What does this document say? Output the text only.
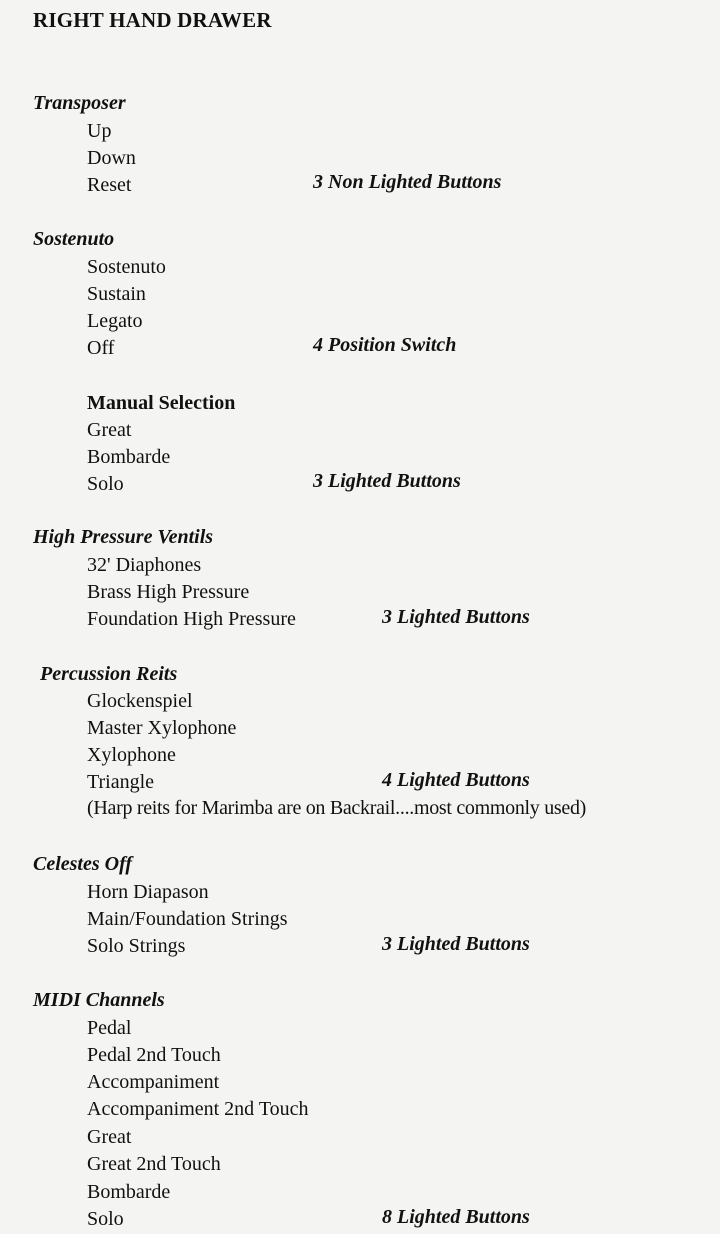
RIGHT HAND DRAWER
Transposer
Up
Down
Reset	3 Non Lighted Buttons
Sostenuto
Sostenuto
Sustain
Legato
Off	4 Position Switch
Manual Selection
Great
Bombarde
Solo	3 Lighted Buttons
High Pressure Ventils
32' Diaphones
Brass High Pressure
Foundation High Pressure	3 Lighted Buttons
Percussion Reits
Glockenspiel
Master Xylophone
Xylophone
Triangle	4 Lighted Buttons
(Harp reits for Marimba are on Backrail....most commonly used)
Celestes Off
Horn Diapason
Main/Foundation Strings
Solo Strings	3 Lighted Buttons
MIDI Channels
Pedal
Pedal 2nd Touch
Accompaniment
Accompaniment 2nd Touch
Great
Great 2nd Touch
Bombarde
Solo	8 Lighted Buttons
